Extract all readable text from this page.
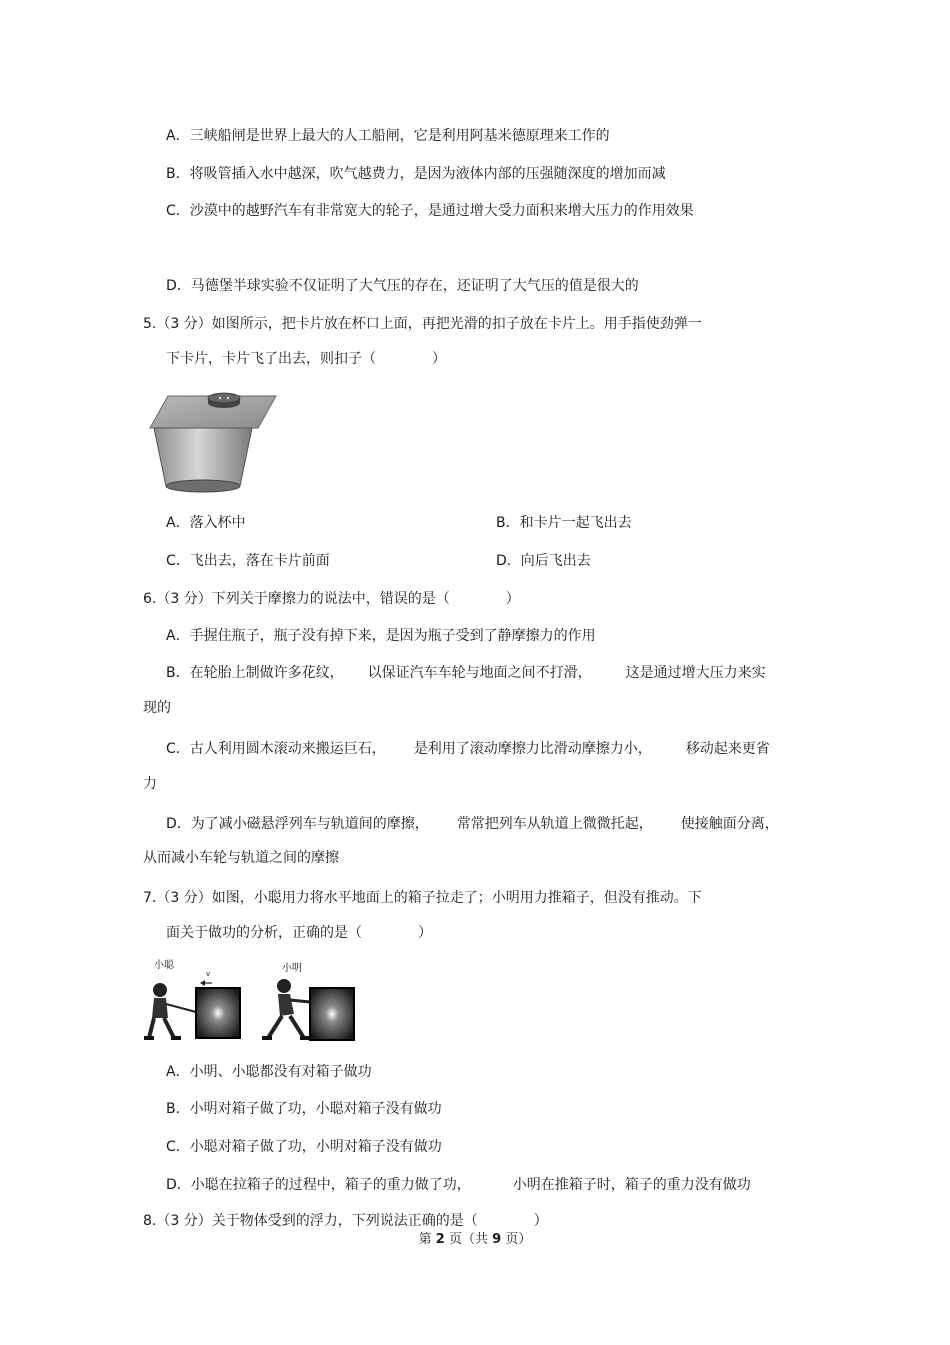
A．三峡船闸是世界上最大的人工船闸，它是利用阿基米德原理来工作的
B．将吸管插入水中越深，吹气越费力，是因为液体内部的压强随深度的增加而减
C．沙漠中的越野汽车有非常宽大的轮子，是通过增大受力面积来增大压力的作用效果
D．马德堡半球实验不仅证明了大气压的存在，还证明了大气压的值是很大的
5.（3 分）如图所示，把卡片放在杯口上面，再把光滑的扣子放在卡片上。用手指使劲弹一
下卡片，卡片飞了出去，则扣子（　　　　）
A．落入杯中	B．和卡片一起飞出去
C．飞出去，落在卡片前面	D．向后飞出去
6.（3 分）下列关于摩擦力的说法中，错误的是（　　　　）
A．手握住瓶子，瓶子没有掉下来，是因为瓶子受到了静摩擦力的作用
B．在轮胎上制做许多花纹， 以保证汽车车轮与地面之间不打滑， 这是通过增大压力来实
现的
C．古人利用圆木滚动来搬运巨石， 是利用了滚动摩擦力比滑动摩擦力小， 移动起来更省
力
D．为了减小磁悬浮列车与轨道间的摩擦， 常常把列车从轨道上微微托起， 使接触面分离，
从而减小车轮与轨道之间的摩擦
7.（3 分）如图，小聪用力将水平地面上的箱子拉走了；小明用力推箱子，但没有推动。下
面关于做功的分析，正确的是（　　　　）
小聪	小明
v
A．小明、小聪都没有对箱子做功
B．小明对箱子做了功，小聪对箱子没有做功
C．小聪对箱子做了功，小明对箱子没有做功
D．小聪在拉箱子的过程中，箱子的重力做了功，	小明在推箱子时，箱子的重力没有做功
8.（3 分）关于物体受到的浮力，下列说法正确的是（　　　　）
第 2 页（共 9 页）
